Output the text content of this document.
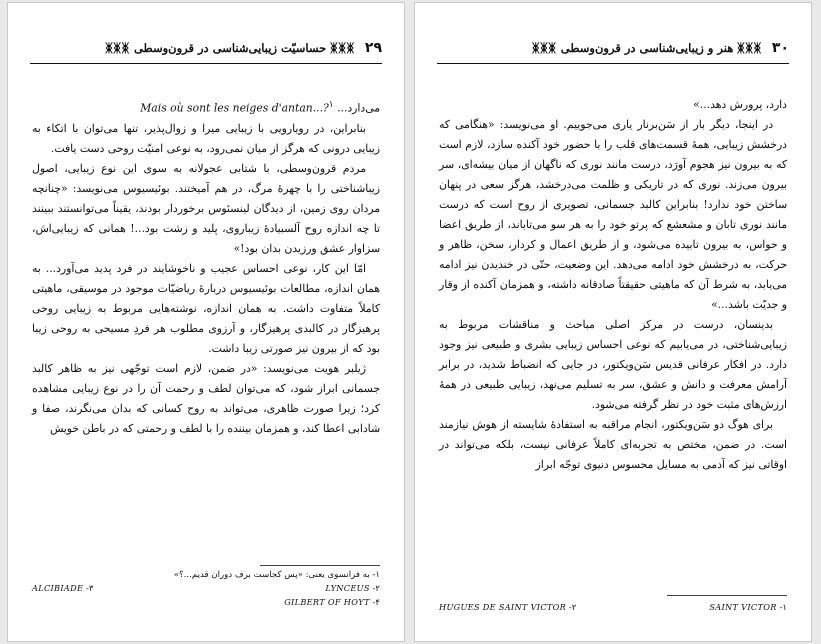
۲۹
ᛤᛤᛤ
حساسیّت زیبایی‌شناسی در قرون‌وسطی
ᛤᛤᛤ

می‌دارد... Mais où sont les neiges d'antan...?$^۱$

بنابراین، در رویارویی با زیبایی میرا و زوال‌پذیر، تنها می‌توان با اتکاء به زیبایی درونی که هرگز از میان نمی‌رود، به نوعی امنیّت روحی دست یافت.

مردم قرون‌وسطی، با شتابی عجولانه به سوی این نوع زیبایی، اصول زیباشناختی را با چهرهٔ مرگ، در هم آمیختند. بوئیسیوس می‌نویسد: «چنانچه مردان روی زمین، از دیدگان لینسئوس برخوردار بودند، یقیناً می‌توانستند ببینند تا چه اندازه روح آلسبیادهٔ زیباروی، پلید و زشت بود...! همانی که زیبایی‌اش، سزاوار عشق ورزیدن بدان بود!»

امّا این کار، نوعی احساس عجیب و ناخوشایند در فرد پدید می‌آورد... به همان اندازه، مطالعات بوئیسیوس دربارهٔ ریاضیّات موجود در موسیقی، ماهیتی کاملاً متفاوت داشت. به همان اندازه، نوشته‌هایی مربوط به زیبایی روحی پرهیزگار در کالبدی پرهیزگار، و آرزوی مطلوب هر فردِ مسیحی به روحی زیبا بود که از بیرون نیز صورتی زیبا داشت.

ژیلبر هویت می‌نویسد: «در ضمن، لازم است توجّهی نیز به ظاهر کالبد جسمانی ابراز شود، که می‌توان لطف و رحمت آن را در نوع زیبایی مشاهده کرد؛ زیرا صورت ظاهری، می‌تواند به روح کسانی که بدان می‌نگرند، صفا و شادابی اعطا کند، و همزمان بیننده را با لطف و رحمتی که در باطن خویش

۱- به فرانسوی یعنی: «پس کجاست برف دوران قدیم...؟»
۲- LYNCEUS
۳- ALCIBIADE
۴- GILBERT OF HOYT
۳۰
ᛤᛤᛤ
هنر و زیبایی‌شناسی در قرون‌وسطی
ᛤᛤᛤ

دارد، پرورش دهد...»

در اینجا، دیگر بار از سَن‌برنار یاری می‌جوییم. او می‌نویسد: «هنگامی که درخشش زیبایی، همهٔ قسمت‌های قلب را با حضور خود آکنده سازد، لازم است که به بیرون نیز هجوم آورَد، درست مانند نوری که ناگهان از میان بیشه‌ای، سر بیرون می‌زند. نوری که در تاریکی و ظلمت می‌درخشد، هرگز سعی در پنهان ساختن خود ندارد! بنابراین کالبد جسمانی، تصویری از روح است که درست مانند نوری تابان و مشعشع که پرتو خود را به هر سو می‌تاباند، از طریق اعضا و حواس، به بیرون تابیده می‌شود، و از طریق اعمال و کردار، سخن، ظاهر و حرکت، به درخشش خود ادامه می‌دهد. این وضعیت، حتّی در خندیدن نیز ادامه می‌یابد، به شرط آن که ماهیتی حقیقتاً صادقانه داشته، و همزمان آکنده از وقار و جدیّت باشد...»

بدینسان، درست در مرکز اصلی مباحث و مناقشات مربوط به زیبایی‌شناختی، در می‌یابیم که نوعی احساس زیبایی بشری و طبیعی نیز وجود دارد. در افکار عرفانی قدیس سَن‌ویکتور، در جایی که انضباط شدید، در برابر آرامش معرفت و دانش و عشق، سر به تسلیم می‌نهد، زیبایی طبیعی در همهٔ ارزش‌های مثبت خود در نظر گرفته می‌شود.

برای هوگ دو سَن‌ویکتور، انجام مراقبه به استفادهٔ شایسته از هوش نیازمند است. در ضمن، مختص به تجربه‌ای کاملاً عرفانی نیست، بلکه می‌تواند در اوقاتی نیز که آدمی به مسایل محسوس دنیوی توجّه ابراز

۱- SAINT VICTOR
۲- HUGUES DE SAINT VICTOR
